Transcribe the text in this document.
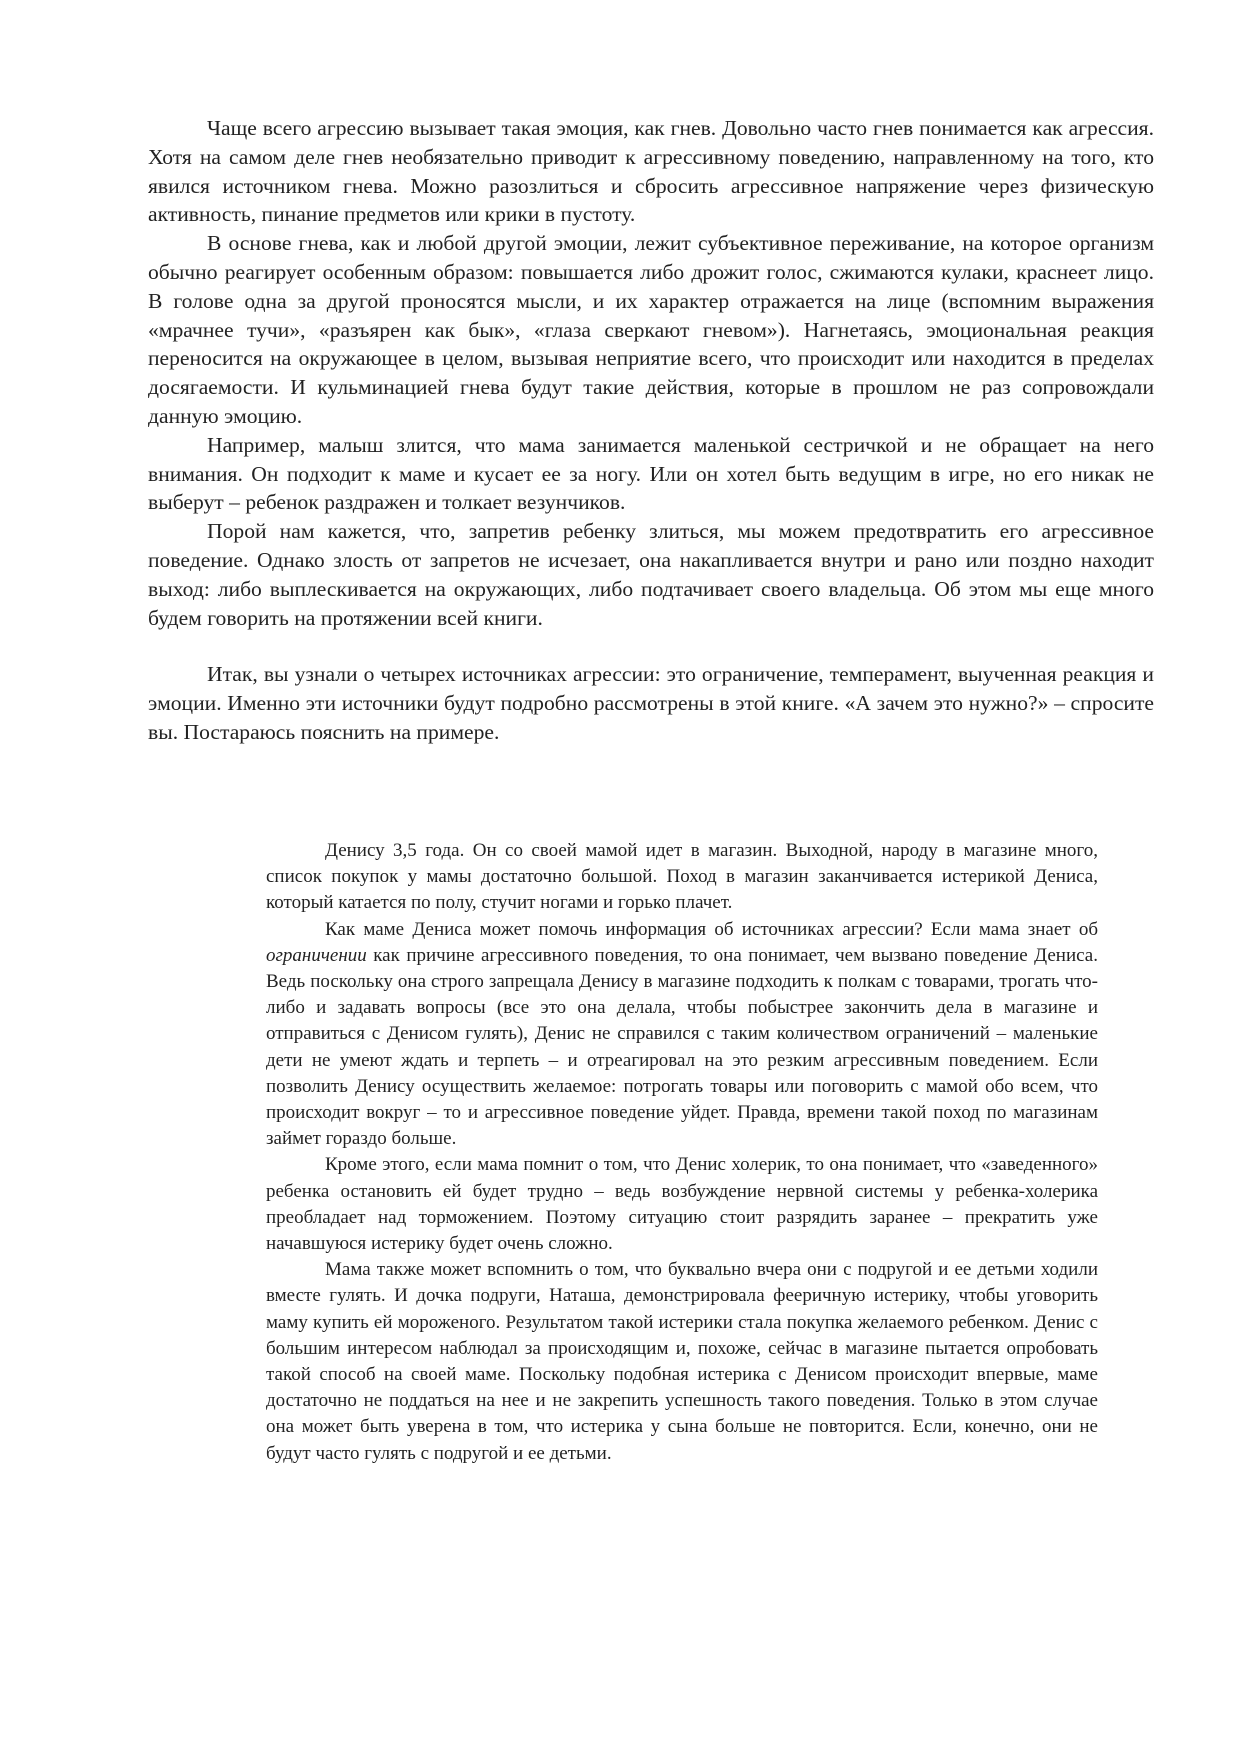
Чаще всего агрессию вызывает такая эмоция, как гнев. Довольно часто гнев понимается как агрессия. Хотя на самом деле гнев необязательно приводит к агрессивному поведению, направленному на того, кто явился источником гнева. Можно разозлиться и сбросить агрессивное напряжение через физическую активность, пинание предметов или крики в пустоту.

В основе гнева, как и любой другой эмоции, лежит субъективное переживание, на которое организм обычно реагирует особенным образом: повышается либо дрожит голос, сжимаются кулаки, краснеет лицо. В голове одна за другой проносятся мысли, и их характер отражается на лице (вспомним выражения «мрачнее тучи», «разъярен как бык», «глаза сверкают гневом»). Нагнетаясь, эмоциональная реакция переносится на окружающее в целом, вызывая неприятие всего, что происходит или находится в пределах досягаемости. И кульминацией гнева будут такие действия, которые в прошлом не раз сопровождали данную эмоцию.

Например, малыш злится, что мама занимается маленькой сестричкой и не обращает на него внимания. Он подходит к маме и кусает ее за ногу. Или он хотел быть ведущим в игре, но его никак не выберут – ребенок раздражен и толкает везунчиков.

Порой нам кажется, что, запретив ребенку злиться, мы можем предотвратить его агрессивное поведение. Однако злость от запретов не исчезает, она накапливается внутри и рано или поздно находит выход: либо выплескивается на окружающих, либо подтачивает своего владельца. Об этом мы еще много будем говорить на протяжении всей книги.

Итак, вы узнали о четырех источниках агрессии: это ограничение, темперамент, выученная реакция и эмоции. Именно эти источники будут подробно рассмотрены в этой книге. «А зачем это нужно?» – спросите вы. Постараюсь пояснить на примере.

Денису 3,5 года. Он со своей мамой идет в магазин. Выходной, народу в магазине много, список покупок у мамы достаточно большой. Поход в магазин заканчивается истерикой Дениса, который катается по полу, стучит ногами и горько плачет.

Как маме Дениса может помочь информация об источниках агрессии? Если мама знает об ограничении как причине агрессивного поведения, то она понимает, чем вызвано поведение Дениса. Ведь поскольку она строго запрещала Денису в магазине подходить к полкам с товарами, трогать что-либо и задавать вопросы (все это она делала, чтобы побыстрее закончить дела в магазине и отправиться с Денисом гулять), Денис не справился с таким количеством ограничений – маленькие дети не умеют ждать и терпеть – и отреагировал на это резким агрессивным поведением. Если позволить Денису осуществить желаемое: потрогать товары или поговорить с мамой обо всем, что происходит вокруг – то и агрессивное поведение уйдет. Правда, времени такой поход по магазинам займет гораздо больше.

Кроме этого, если мама помнит о том, что Денис холерик, то она понимает, что «заведенного» ребенка остановить ей будет трудно – ведь возбуждение нервной системы у ребенка-холерика преобладает над торможением. Поэтому ситуацию стоит разрядить заранее – прекратить уже начавшуюся истерику будет очень сложно.

Мама также может вспомнить о том, что буквально вчера они с подругой и ее детьми ходили вместе гулять. И дочка подруги, Наташа, демонстрировала фееричную истерику, чтобы уговорить маму купить ей мороженого. Результатом такой истерики стала покупка желаемого ребенком. Денис с большим интересом наблюдал за происходящим и, похоже, сейчас в магазине пытается опробовать такой способ на своей маме. Поскольку подобная истерика с Денисом происходит впервые, маме достаточно не поддаться на нее и не закрепить успешность такого поведения. Только в этом случае она может быть уверена в том, что истерика у сына больше не повторится. Если, конечно, они не будут часто гулять с подругой и ее детьми.
